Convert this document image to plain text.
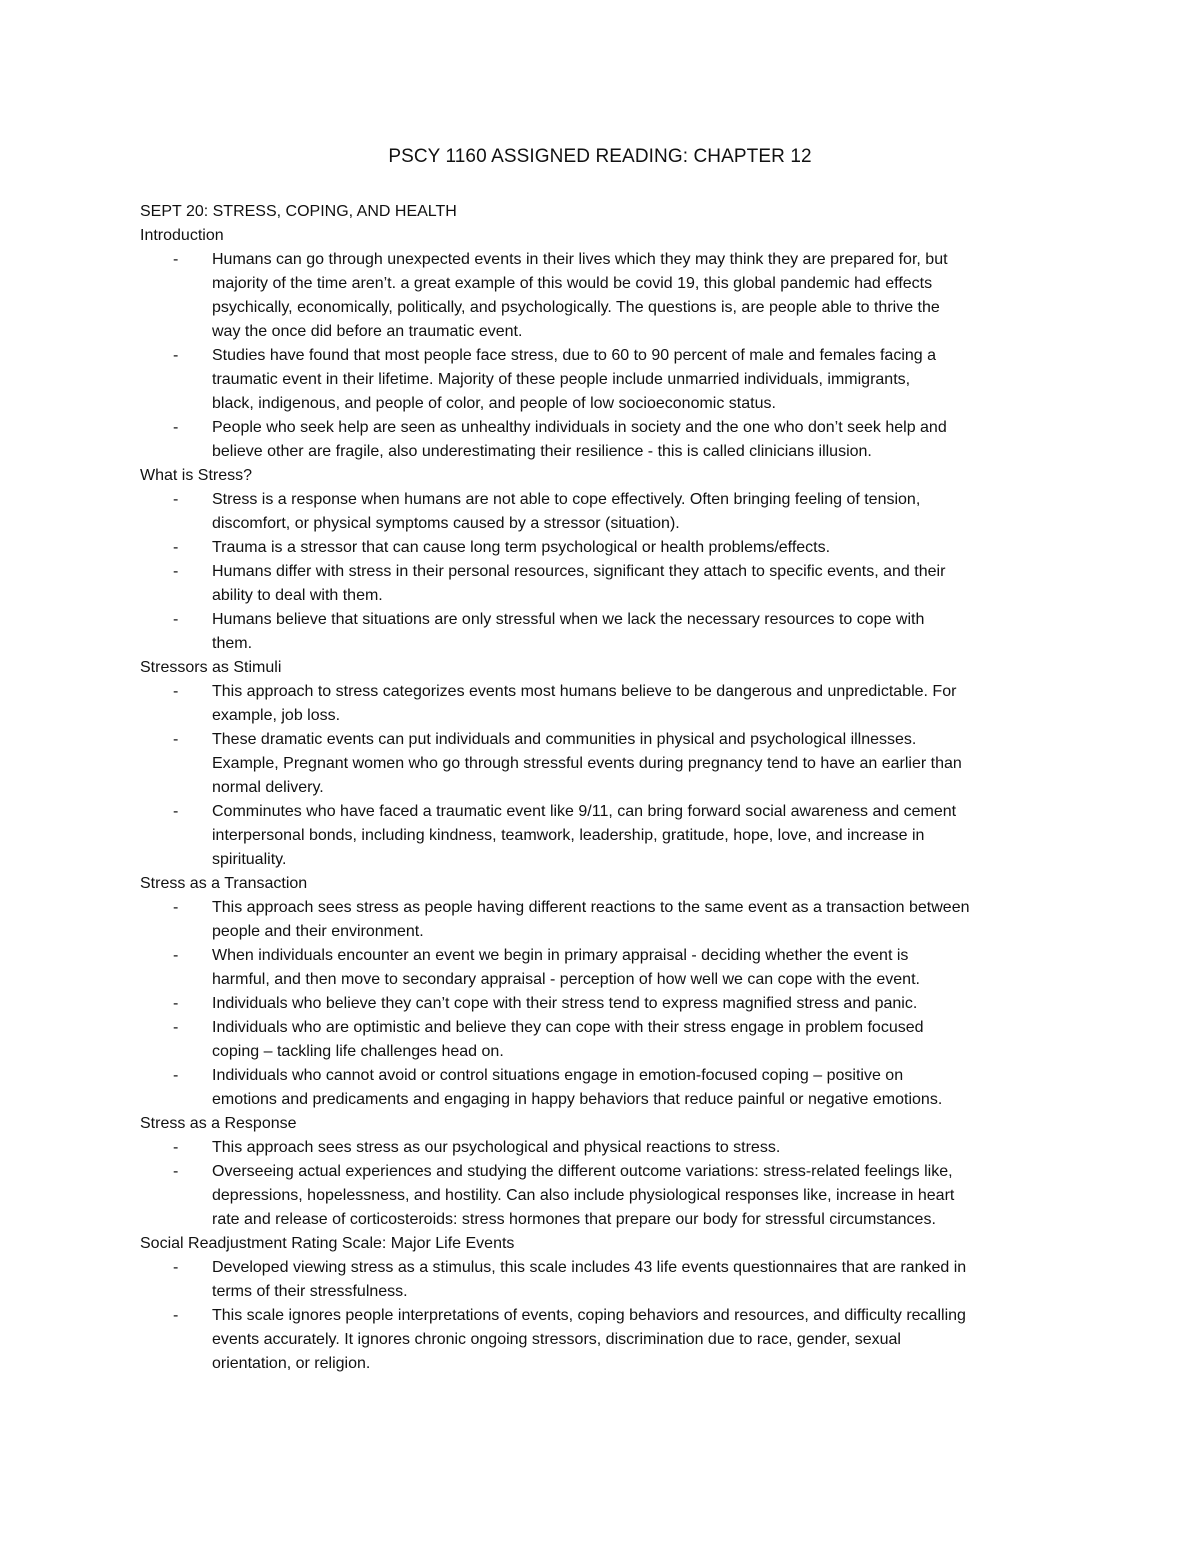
PSCY 1160 ASSIGNED READING: CHAPTER 12

SEPT 20: STRESS, COPING, AND HEALTH

Introduction

- Humans can go through unexpected events in their lives which they may think they are prepared for, but
majority of the time aren’t. a great example of this would be covid 19, this global pandemic had effects
psychically, economically, politically, and psychologically. The questions is, are people able to thrive the
way the once did before an traumatic event.
- Studies have found that most people face stress, due to 60 to 90 percent of male and females facing a
traumatic event in their lifetime. Majority of these people include unmarried individuals, immigrants,
black, indigenous, and people of color, and people of low socioeconomic status.
- People who seek help are seen as unhealthy individuals in society and the one who don’t seek help and
believe other are fragile, also underestimating their resilience - this is called clinicians illusion.

What is Stress?

- Stress is a response when humans are not able to cope effectively. Often bringing feeling of tension,
discomfort, or physical symptoms caused by a stressor (situation).
- Trauma is a stressor that can cause long term psychological or health problems/effects.
- Humans differ with stress in their personal resources, significant they attach to specific events, and their
ability to deal with them.
- Humans believe that situations are only stressful when we lack the necessary resources to cope with
them.

Stressors as Stimuli

- This approach to stress categorizes events most humans believe to be dangerous and unpredictable. For
example, job loss.
- These dramatic events can put individuals and communities in physical and psychological illnesses.
Example, Pregnant women who go through stressful events during pregnancy tend to have an earlier than
normal delivery.
- Comminutes who have faced a traumatic event like 9/11, can bring forward social awareness and cement
interpersonal bonds, including kindness, teamwork, leadership, gratitude, hope, love, and increase in
spirituality.

Stress as a Transaction

- This approach sees stress as people having different reactions to the same event as a transaction between
people and their environment.
- When individuals encounter an event we begin in primary appraisal - deciding whether the event is
harmful, and then move to secondary appraisal - perception of how well we can cope with the event.
- Individuals who believe they can’t cope with their stress tend to express magnified stress and panic.
- Individuals who are optimistic and believe they can cope with their stress engage in problem focused
coping – tackling life challenges head on.
- Individuals who cannot avoid or control situations engage in emotion-focused coping – positive on
emotions and predicaments and engaging in happy behaviors that reduce painful or negative emotions.

Stress as a Response

- This approach sees stress as our psychological and physical reactions to stress.
- Overseeing actual experiences and studying the different outcome variations: stress-related feelings like,
depressions, hopelessness, and hostility. Can also include physiological responses like, increase in heart
rate and release of corticosteroids: stress hormones that prepare our body for stressful circumstances.

Social Readjustment Rating Scale: Major Life Events

- Developed viewing stress as a stimulus, this scale includes 43 life events questionnaires that are ranked in
terms of their stressfulness.
- This scale ignores people interpretations of events, coping behaviors and resources, and difficulty recalling
events accurately. It ignores chronic ongoing stressors, discrimination due to race, gender, sexual
orientation, or religion.
